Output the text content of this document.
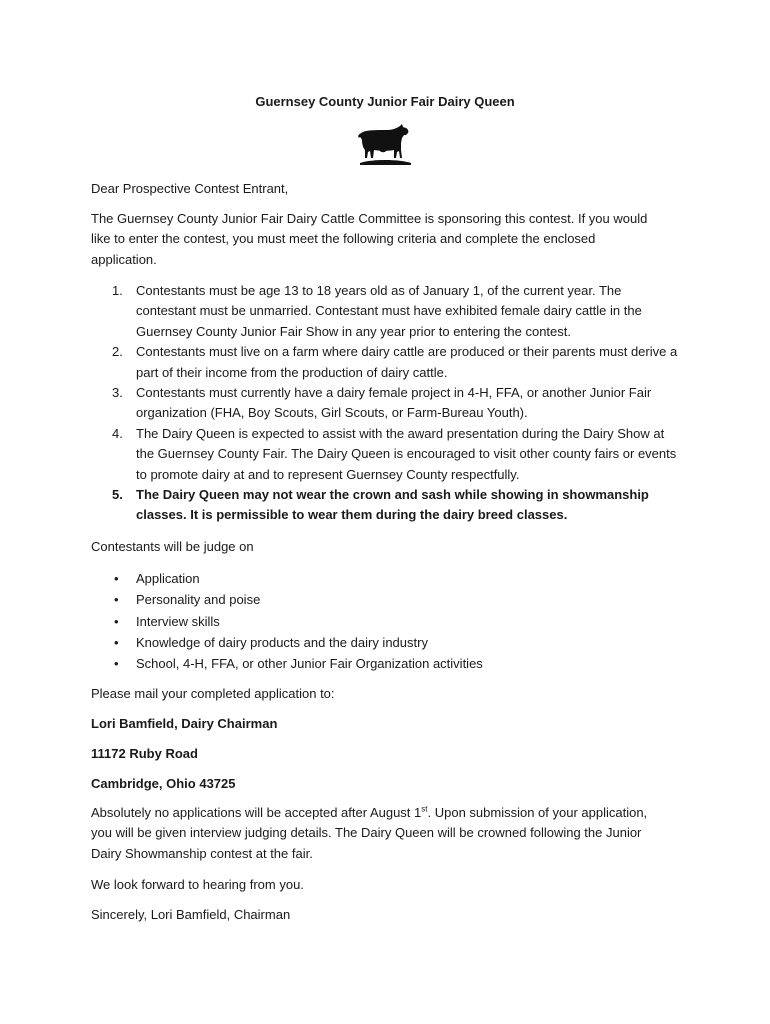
Guernsey County Junior Fair Dairy Queen
Dear Prospective Contest Entrant,
The Guernsey County Junior Fair Dairy Cattle Committee is sponsoring this contest. If you would like to enter the contest, you must meet the following criteria and complete the enclosed application.
Contestants must be age 13 to 18 years old as of January 1, of the current year. The contestant must be unmarried. Contestant must have exhibited female dairy cattle in the Guernsey County Junior Fair Show in any year prior to entering the contest.
Contestants must live on a farm where dairy cattle are produced or their parents must derive a part of their income from the production of dairy cattle.
Contestants must currently have a dairy female project in 4-H, FFA, or another Junior Fair organization (FHA, Boy Scouts, Girl Scouts, or Farm-Bureau Youth).
The Dairy Queen is expected to assist with the award presentation during the Dairy Show at the Guernsey County Fair. The Dairy Queen is encouraged to visit other county fairs or events to promote dairy at and to represent Guernsey County respectfully.
The Dairy Queen may not wear the crown and sash while showing in showmanship classes. It is permissible to wear them during the dairy breed classes.
Contestants will be judge on
• Application
• Personality and poise
• Interview skills
• Knowledge of dairy products and the dairy industry
• School, 4-H, FFA, or other Junior Fair Organization activities
Please mail your completed application to:
Lori Bamfield, Dairy Chairman
11172 Ruby Road
Cambridge, Ohio 43725
Absolutely no applications will be accepted after August 1st. Upon submission of your application, you will be given interview judging details. The Dairy Queen will be crowned following the Junior Dairy Showmanship contest at the fair.
We look forward to hearing from you.
Sincerely, Lori Bamfield, Chairman
